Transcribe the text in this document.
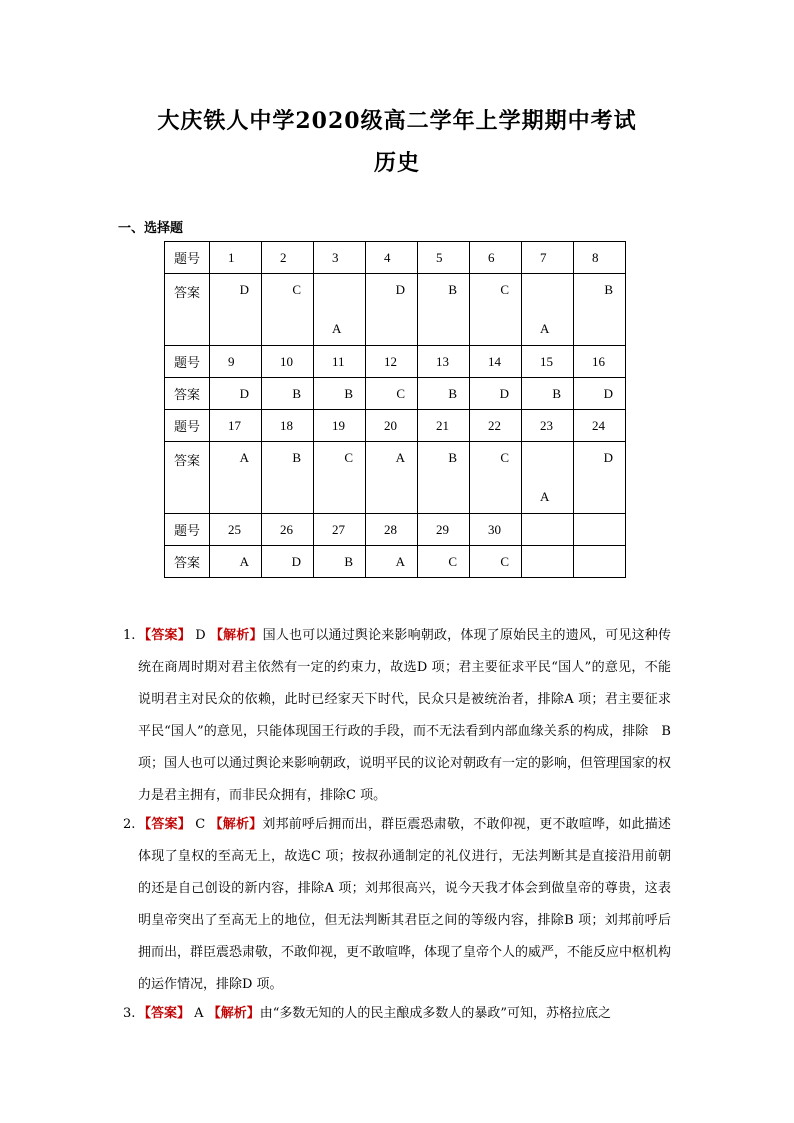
大庆铁人中学2020级高二学年上学期期中考试
历史
一、选择题
题号	1	2	3	4	5	6	7	8
答案	D	C	A	D	B	C	A	B

题号	9	10	11	12	13	14	15	16
答案	D	B	B	C	B	D	B	D

题号	17	18	19	20	21	22	23	24
答案	A	B	C	A	B	C	A	D

题号	25	26	27	28	29	30		
答案	A	D	B	A	C	C		

1. 【答案】 D 【解析】国人也可以通过舆论来影响朝政，体现了原始民主的遗风，可见这种传统在商周时期对君主依然有一定的约束力，故选D 项；君主要征求平民“国人”的意见，不能说明君主对民众的依赖，此时已经家天下时代，民众只是被统治者，排除A 项；君主要征求平民“国人”的意见，只能体现国王行政的手段，而不无法看到内部血缘关系的构成，排除　B 项；国人也可以通过舆论来影响朝政，说明平民的议论对朝政有一定的影响，但管理国家的权力是君主拥有，而非民众拥有，排除C 项。

2. 【答案】 C 【解析】刘邦前呼后拥而出，群臣震恐肃敬，不敢仰视，更不敢喧哗，如此描述体现了皇权的至高无上，故选C 项；按叔孙通制定的礼仪进行，无法判断其是直接沿用前朝的还是自己创设的新内容，排除A 项；刘邦很高兴，说今天我才体会到做皇帝的尊贵，这表明皇帝突出了至高无上的地位，但无法判断其君臣之间的等级内容，排除B 项；刘邦前呼后拥而出，群臣震恐肃敬，不敢仰视，更不敢喧哗，体现了皇帝个人的威严，不能反应中枢机构的运作情况，排除D 项。

3. 【答案】 A 【解析】由“多数无知的人的民主酿成多数人的暴政”可知，苏格拉底之
